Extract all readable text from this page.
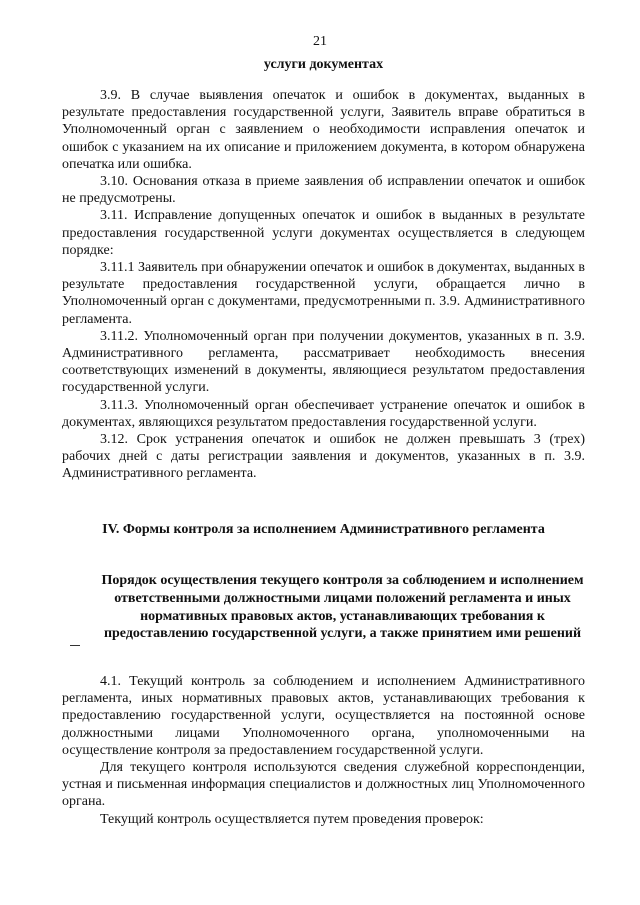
21
услуги документах

3.9. В случае выявления опечаток и ошибок в документах, выданных в результате предоставления государственной услуги, Заявитель вправе обратиться в Уполномоченный орган с заявлением о необходимости исправления опечаток и ошибок с указанием на их описание и приложением документа, в котором обнаружена опечатка или ошибка.

3.10. Основания отказа в приеме заявления об исправлении опечаток и ошибок не предусмотрены.

3.11. Исправление допущенных опечаток и ошибок в выданных в результате предоставления государственной услуги документах осуществляется в следующем порядке:

3.11.1 Заявитель при обнаружении опечаток и ошибок в документах, выданных в результате предоставления государственной услуги, обращается лично в Уполномоченный орган с документами, предусмотренными п. 3.9. Административного регламента.

3.11.2. Уполномоченный орган при получении документов, указанных в п. 3.9. Административного регламента, рассматривает необходимость внесения соответствующих изменений в документы, являющиеся результатом предоставления государственной услуги.

3.11.3. Уполномоченный орган обеспечивает устранение опечаток и ошибок в документах, являющихся результатом предоставления государственной услуги.

3.12. Срок устранения опечаток и ошибок не должен превышать 3 (трех) рабочих дней с даты регистрации заявления и документов, указанных в п. 3.9. Административного регламента.

IV. Формы контроля за исполнением Административного регламента
Порядок осуществления текущего контроля за соблюдением и исполнением ответственными должностными лицами положений регламента и иных нормативных правовых актов, устанавливающих требования к предоставлению государственной услуги, а также принятием ими решений

4.1. Текущий контроль за соблюдением и исполнением Административного регламента, иных нормативных правовых актов, устанавливающих требования к предоставлению государственной услуги, осуществляется на постоянной основе должностными лицами Уполномоченного органа, уполномоченными на осуществление контроля за предоставлением государственной услуги.

Для текущего контроля используются сведения служебной корреспонденции, устная и письменная информация специалистов и должностных лиц Уполномоченного органа.

Текущий контроль осуществляется путем проведения проверок:
